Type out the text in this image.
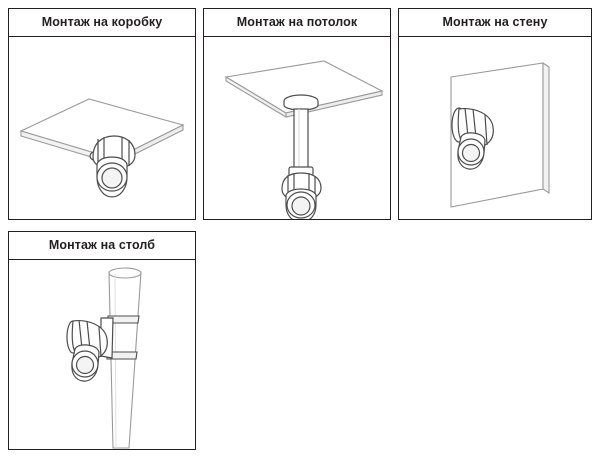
Монтаж на коробку	Монтаж на потолок	Монтаж на стену
Монтаж на столб
